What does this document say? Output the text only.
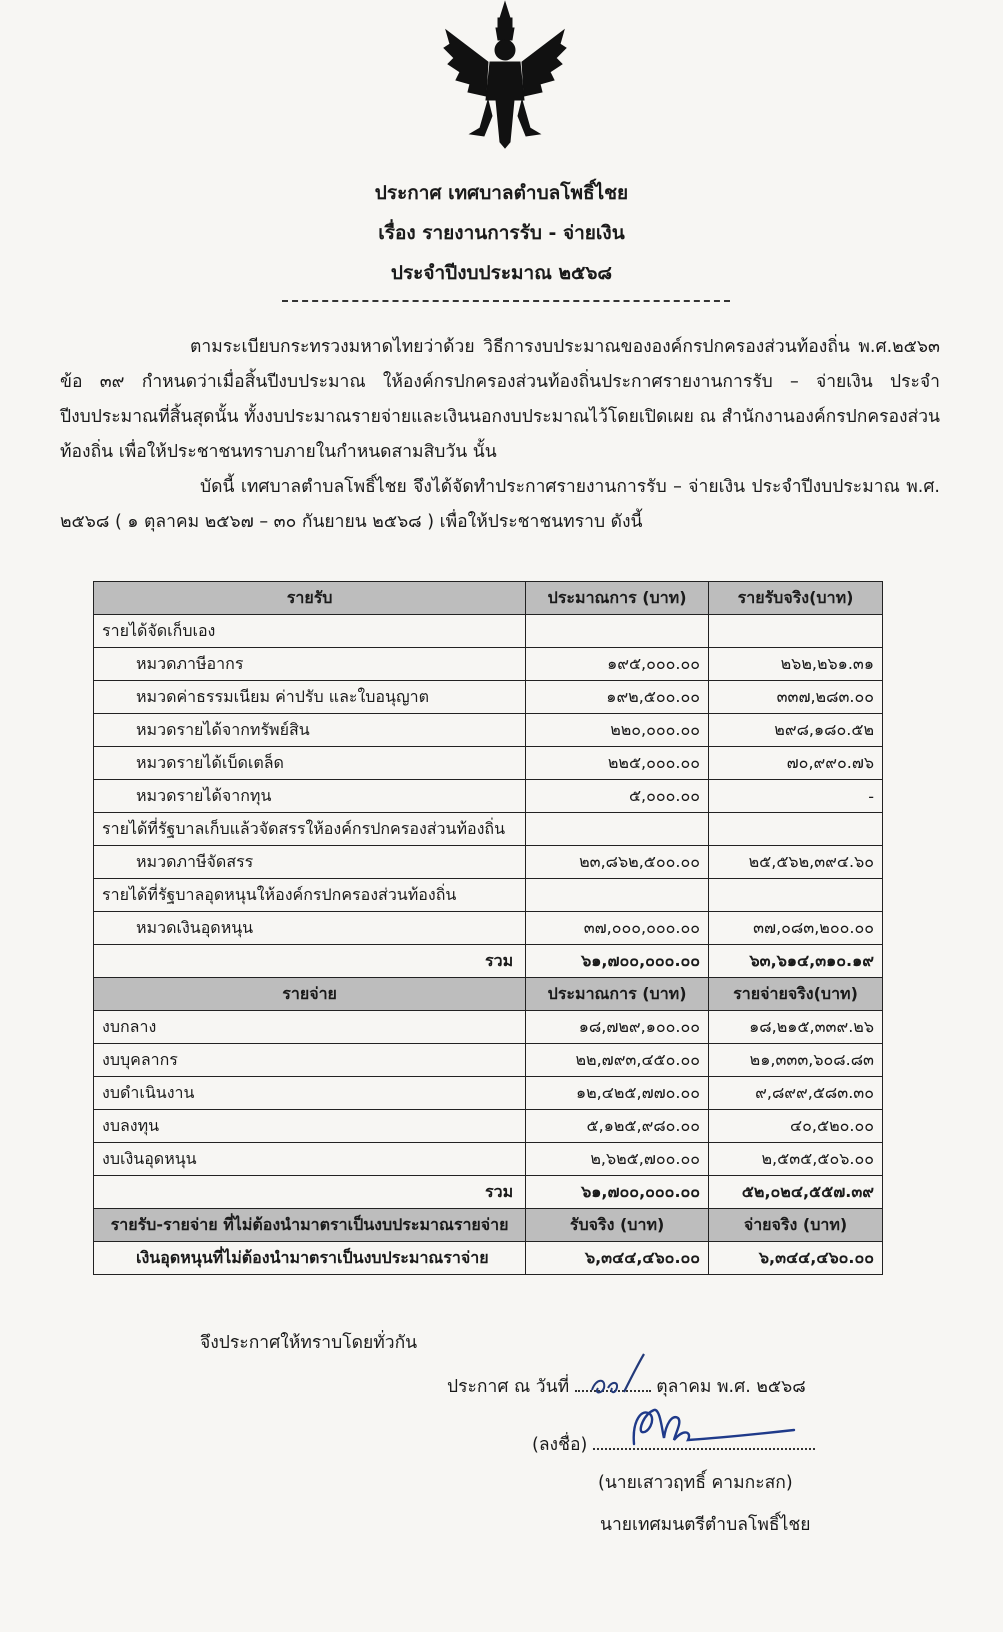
ประกาศ เทศบาลตำบลโพธิ์ไชย
เรื่อง รายงานการรับ - จ่ายเงิน
ประจำปีงบประมาณ ๒๕๖๘
ตามระเบียบกระทรวงมหาดไทยว่าด้วย วิธีการงบประมาณขององค์กรปกครองส่วนท้องถิ่น พ.ศ.๒๕๖๓ ข้อ ๓๙ กำหนดว่าเมื่อสิ้นปีงบประมาณ ให้องค์กรปกครองส่วนท้องถิ่นประกาศรายงานการรับ – จ่ายเงิน ประจำปีงบประมาณที่สิ้นสุดนั้น ทั้งงบประมาณรายจ่ายและเงินนอกงบประมาณไว้โดยเปิดเผย ณ สำนักงานองค์กรปกครองส่วนท้องถิ่น เพื่อให้ประชาชนทราบภายในกำหนดสามสิบวัน นั้น
บัดนี้ เทศบาลตำบลโพธิ์ไชย จึงได้จัดทำประกาศรายงานการรับ – จ่ายเงิน ประจำปีงบประมาณ พ.ศ. ๒๕๖๘ ( ๑ ตุลาคม ๒๕๖๗ – ๓๐ กันยายน ๒๕๖๘ ) เพื่อให้ประชาชนทราบ ดังนี้
รายรับ	ประมาณการ (บาท)	รายรับจริง(บาท)
รายได้จัดเก็บเอง		
หมวดภาษีอากร	๑๙๕,๐๐๐.๐๐	๒๖๒,๒๖๑.๓๑
หมวดค่าธรรมเนียม ค่าปรับ และใบอนุญาต	๑๙๒,๕๐๐.๐๐	๓๓๗,๒๘๓.๐๐
หมวดรายได้จากทรัพย์สิน	๒๒๐,๐๐๐.๐๐	๒๙๘,๑๘๐.๕๒
หมวดรายได้เบ็ดเตล็ด	๒๒๕,๐๐๐.๐๐	๗๐,๙๙๐.๗๖
หมวดรายได้จากทุน	๕,๐๐๐.๐๐	-
รายได้ที่รัฐบาลเก็บแล้วจัดสรรให้องค์กรปกครองส่วนท้องถิ่น		
หมวดภาษีจัดสรร	๒๓,๘๖๒,๕๐๐.๐๐	๒๕,๕๖๒,๓๙๔.๖๐
รายได้ที่รัฐบาลอุดหนุนให้องค์กรปกครองส่วนท้องถิ่น		
หมวดเงินอุดหนุน	๓๗,๐๐๐,๐๐๐.๐๐	๓๗,๐๘๓,๒๐๐.๐๐
รวม	๖๑,๗๐๐,๐๐๐.๐๐	๖๓,๖๑๔,๓๑๐.๑๙
รายจ่าย	ประมาณการ (บาท)	รายจ่ายจริง(บาท)
งบกลาง	๑๘,๗๒๙,๑๐๐.๐๐	๑๘,๒๑๕,๓๓๙.๒๖
งบบุคลากร	๒๒,๗๙๓,๔๕๐.๐๐	๒๑,๓๓๓,๖๐๘.๘๓
งบดำเนินงาน	๑๒,๔๒๕,๗๗๐.๐๐	๙,๘๙๙,๕๘๓.๓๐
งบลงทุน	๕,๑๒๕,๙๘๐.๐๐	๔๐,๕๒๐.๐๐
งบเงินอุดหนุน	๒,๖๒๕,๗๐๐.๐๐	๒,๕๓๕,๕๐๖.๐๐
รวม	๖๑,๗๐๐,๐๐๐.๐๐	๕๒,๐๒๔,๕๕๗.๓๙
รายรับ-รายจ่าย ที่ไม่ต้องนำมาตราเป็นงบประมาณรายจ่าย	รับจริง (บาท)	จ่ายจริง (บาท)
เงินอุดหนุนที่ไม่ต้องนำมาตราเป็นงบประมาณราจ่าย	๖,๓๔๔,๔๖๐.๐๐	๖,๓๔๔,๔๖๐.๐๐
จึงประกาศให้ทราบโดยทั่วกัน
ประกาศ ณ วันที่	ตุลาคม พ.ศ. ๒๕๖๘
(ลงชื่อ)
(นายเสาวฤทธิ์ คามกะสก)
นายเทศมนตรีตำบลโพธิ์ไชย
